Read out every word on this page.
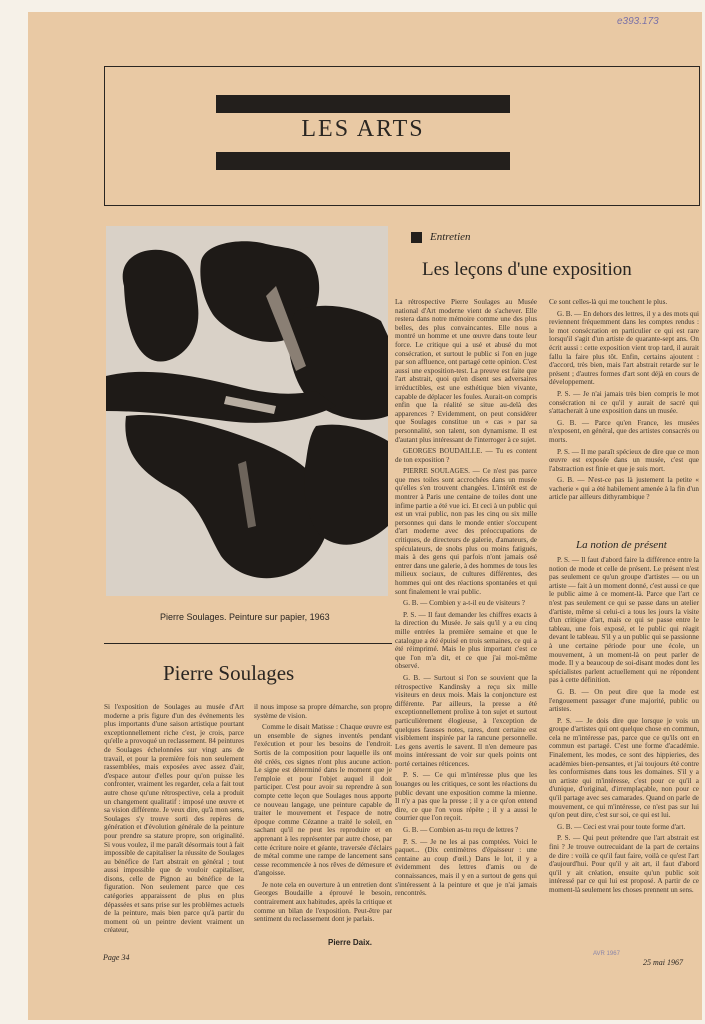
e393.173
LES ARTS
Pierre Soulages. Peinture sur papier, 1963
Entretien
Les leçons d'une exposition

La rétrospective Pierre Soulages au Musée national d'Art moderne vient de s'achever. Elle restera dans notre mémoire comme une des plus belles, des plus convaincantes. Elle nous a montré un homme et une œuvre dans toute leur force. Le critique qui a usé et abusé du mot consécration, et surtout le public si l'on en juge par son affluence, ont partagé cette opinion. C'est aussi une exposition-test. La preuve est faite que l'art abstrait, quoi qu'en disent ses adversaires irréductibles, est une esthétique bien vivante, capable de déplacer les foules. Aurait-on compris enfin que la réalité se situe au-delà des apparences ? Evidemment, on peut considérer que Soulages constitue un « cas » par sa personnalité, son talent, son dynamisme. Il est d'autant plus intéressant de l'interroger à ce sujet.

GEORGES BOUDAILLE. — Tu es content de ton exposition ?

PIERRE SOULAGES. — Ce n'est pas parce que mes toiles sont accrochées dans un musée qu'elles s'en trouvent changées. L'intérêt est de montrer à Paris une centaine de toiles dont une infime partie a été vue ici. Et ceci à un public qui est un vrai public, non pas les cinq ou six mille personnes qui dans le monde entier s'occupent d'art moderne avec des préoccupations de critiques, de directeurs de galerie, d'amateurs, de spéculateurs, de snobs plus ou moins fatigués, mais à des gens qui parfois n'ont jamais osé entrer dans une galerie, à des hommes de tous les milieux sociaux, de cultures différentes, des hommes qui ont des réactions spontanées et qui sont finalement le vrai public.

G. B. — Combien y a-t-il eu de visiteurs ?

P. S. — Il faut demander les chiffres exacts à la direction du Musée. Je sais qu'il y a eu cinq mille entrées la première semaine et que le catalogue a été épuisé en trois semaines, ce qui a été réimprimé. Mais le plus important c'est ce que l'on m'a dit, et ce que j'ai moi-même observé.

G. B. — Surtout si l'on se souvient que la rétrospective Kandinsky a reçu six mille visiteurs en deux mois. Mais la conjoncture est différente. Par ailleurs, la presse a été exceptionnellement prolixe à ton sujet et surtout particulièrement élogieuse, à l'exception de quelques fausses notes, rares, dont certaine est visiblement inspirée par la rancune personnelle. Les gens avertis le savent. Il n'en demeure pas moins intéressant de voir sur quels points ont porté certaines réticences.

P. S. — Ce qui m'intéresse plus que les louanges ou les critiques, ce sont les réactions du public devant une exposition comme la mienne. Il n'y a pas que la presse ; il y a ce qu'on entend dire, ce que l'on vous répète ; il y a aussi le courrier que l'on reçoit.

G. B. — Combien as-tu reçu de lettres ?

P. S. — Je ne les ai pas comptées. Voici le paquet... (Dix centimètres d'épaisseur : une centaine au coup d'œil.) Dans le lot, il y a évidemment des lettres d'amis ou de connaissances, mais il y en a surtout de gens qui s'intéressent à la peinture et que je n'ai jamais rencontrés.

Ce sont celles-là qui me touchent le plus.

G. B. — En dehors des lettres, il y a des mots qui reviennent fréquemment dans les comptes rendus : le mot consécration en particulier ce qui est rare lorsqu'il s'agit d'un artiste de quarante-sept ans. On écrit aussi : cette exposition vient trop tard, il aurait fallu la faire plus tôt. Enfin, certains ajoutent : d'accord, très bien, mais l'art abstrait retarde sur le présent ; d'autres formes d'art sont déjà en cours de développement.

P. S. — Je n'ai jamais très bien compris le mot consécration ni ce qu'il y aurait de sacré qui s'attacherait à une exposition dans un musée.

G. B. — Parce qu'en France, les musées n'exposent, en général, que des artistes consacrés ou morts.

P. S. — Il me paraît spécieux de dire que ce mon œuvre est exposée dans un musée, c'est que l'abstraction est finie et que je suis mort.

G. B. — N'est-ce pas là justement la petite « vacherie » qui a été habilement amenée à la fin d'un article par ailleurs dithyrambique ?

La notion de présent

P. S. — Il faut d'abord faire la différence entre la notion de mode et celle de présent. Le présent n'est pas seulement ce qu'un groupe d'artistes — ou un artiste — fait à un moment donné, c'est aussi ce que le public aime à ce moment-là. Parce que l'art ce n'est pas seulement ce qui se passe dans un atelier d'artiste, même si celui-ci a tous les jours la visite d'un critique d'art, mais ce qui se passe entre le tableau, une fois exposé, et le public qui réagit devant le tableau. S'il y a un public qui se passionne à une certaine période pour une école, un mouvement, à un moment-là on peut parler de mode. Il y a beaucoup de soi-disant modes dont les spécialistes parlent actuellement qui ne répondent pas à cette définition.

G. B. — On peut dire que la mode est l'engouement passager d'une majorité, public ou artistes.

P. S. — Je dois dire que lorsque je vois un groupe d'artistes qui ont quelque chose en commun, cela ne m'intéresse pas, parce que ce qu'ils ont en commun est partagé. C'est une forme d'académie. Finalement, les modes, ce sont des hippieries, des académies bien-pensantes, et j'ai toujours été contre les conformismes dans tous les domaines. S'il y a un artiste qui m'intéresse, c'est pour ce qu'il a d'unique, d'original, d'irremplaçable, non pour ce qu'il partage avec ses camarades. Quand on parle de mouvement, ce qui m'intéresse, ce n'est pas sur lui qu'on peut dire, c'est sur soi, ce qui est lui.

G. B. — Ceci est vrai pour toute forme d'art.

P. S. — Qui peut prétendre que l'art abstrait est fini ? Je trouve outrecuidant de la part de certains de dire : voilà ce qu'il faut faire, voilà ce qu'est l'art d'aujourd'hui. Pour qu'il y ait art, il faut d'abord qu'il y ait création, ensuite qu'un public soit intéressé par ce qui lui est proposé. A partir de ce moment-là seulement les choses prennent un sens.

Pierre Soulages

Si l'exposition de Soulages au musée d'Art moderne a pris figure d'un des événements les plus importants d'une saison artistique pourtant exceptionnellement riche c'est, je crois, parce qu'elle a provoqué un reclassement. 84 peintures de Soulages échelonnées sur vingt ans de travail, et pour la première fois non seulement rassemblées, mais exposées avec assez d'air, d'espace autour d'elles pour qu'on puisse les confronter, vraiment les regarder, cela a fait tout autre chose qu'une rétrospective, cela a produit un changement qualitatif : imposé une œuvre et sa vision différente. Je veux dire, qu'à mon sens, Soulages s'y trouve sorti des repères de génération et d'évolution générale de la peinture pour prendre sa stature propre, son originalité. Si vous voulez, il me paraît désormais tout à fait impossible de capitaliser la réussite de Soulages au bénéfice de l'art abstrait en général ; tout aussi impossible que de vouloir capitaliser, disons, celle de Pignon au bénéfice de la figuration. Non seulement parce que ces catégories apparaissent de plus en plus dépassées et sans prise sur les problèmes actuels de la peinture, mais bien parce qu'à partir du moment où un peintre devient vraiment un créateur,

il nous impose sa propre démarche, son propre système de vision.

Comme le disait Matisse : Chaque œuvre est un ensemble de signes inventés pendant l'exécution et pour les besoins de l'endroit. Sortis de la composition pour laquelle ils ont été créés, ces signes n'ont plus aucune action. Le signe est déterminé dans le moment que je l'emploie et pour l'objet auquel il doit participer. C'est pour avoir su reprendre à son compte cette leçon que Soulages nous apporte ce nouveau langage, une peinture capable de traiter le mouvement et l'espace de notre époque comme Cézanne a traité le soleil, en sachant qu'il ne peut les reproduire et en apprenant à les représenter par autre chose, par cette écriture noire et géante, traversée d'éclairs de métal comme une rampe de lancement sans cesse recommencée à nos rêves de démesure et d'angoisse.

Je note cela en ouverture à un entretien dont Georges Boudaille a éprouvé le besoin, contrairement aux habitudes, après la critique et comme un bilan de l'exposition. Peut-être par sentiment du reclassement dont je parlais.

Pierre Daix.
Page 34	AVR 1967
25 mai 1967
